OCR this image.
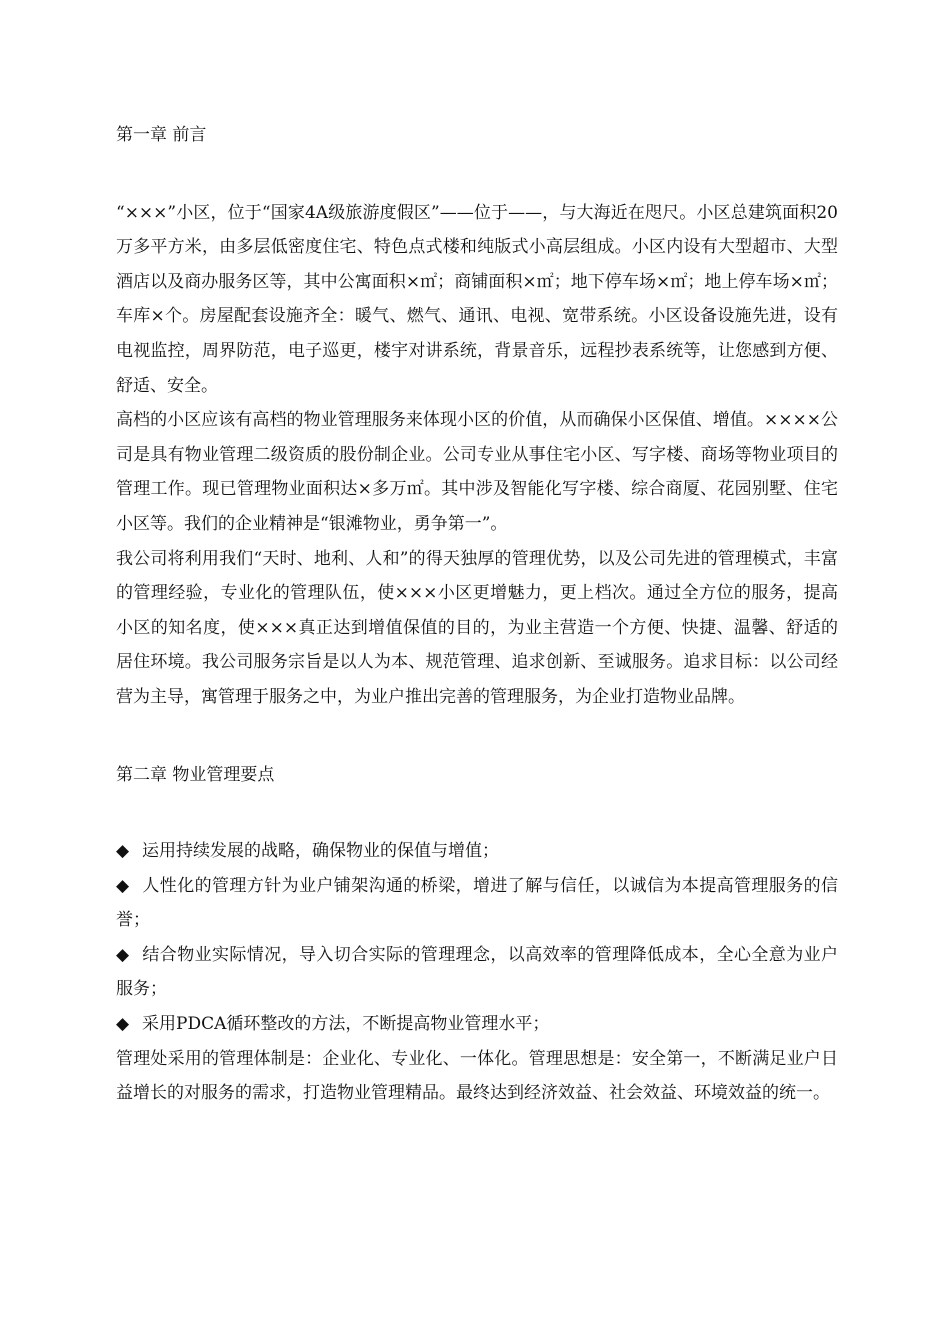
第一章 前言

“×××”小区，位于“国家4A级旅游度假区”——位于——，与大海近在咫尺。小区总建筑面积20万多平方米，由多层低密度住宅、特色点式楼和纯版式小高层组成。小区内设有大型超市、大型酒店以及商办服务区等，其中公寓面积×㎡；商铺面积×㎡；地下停车场×㎡；地上停车场×㎡；车库×个。房屋配套设施齐全：暖气、燃气、通讯、电视、宽带系统。小区设备设施先进，设有电视监控，周界防范，电子巡更，楼宇对讲系统，背景音乐，远程抄表系统等，让您感到方便、舒适、安全。

高档的小区应该有高档的物业管理服务来体现小区的价值，从而确保小区保值、增值。××××公司是具有物业管理二级资质的股份制企业。公司专业从事住宅小区、写字楼、商场等物业项目的管理工作。现已管理物业面积达×多万㎡。其中涉及智能化写字楼、综合商厦、花园别墅、住宅小区等。我们的企业精神是“银滩物业，勇争第一”。

我公司将利用我们“天时、地利、人和”的得天独厚的管理优势，以及公司先进的管理模式，丰富的管理经验，专业化的管理队伍，使×××小区更增魅力，更上档次。通过全方位的服务，提高小区的知名度，使×××真正达到增值保值的目的，为业主营造一个方便、快捷、温馨、舒适的居住环境。我公司服务宗旨是以人为本、规范管理、追求创新、至诚服务。追求目标：以公司经营为主导，寓管理于服务之中，为业户推出完善的管理服务，为企业打造物业品牌。

第二章 物业管理要点
◆ 运用持续发展的战略，确保物业的保值与增值；
◆ 人性化的管理方针为业户铺架沟通的桥梁，增进了解与信任，以诚信为本提高管理服务的信誉；
◆ 结合物业实际情况，导入切合实际的管理理念，以高效率的管理降低成本，全心全意为业户服务；
◆ 采用PDCA循环整改的方法，不断提高物业管理水平；

管理处采用的管理体制是：企业化、专业化、一体化。管理思想是：安全第一，不断满足业户日益增长的对服务的需求，打造物业管理精品。最终达到经济效益、社会效益、环境效益的统一。
